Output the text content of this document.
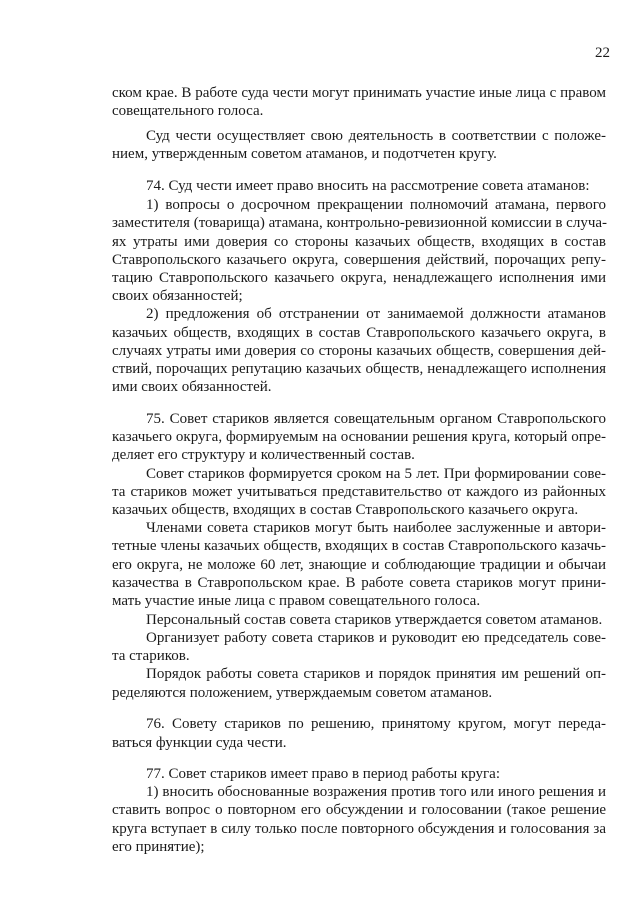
22
ском крае. В работе суда чести могут принимать участие иные лица с правом
совещательного голоса.
Суд чести осуществляет свою деятельность в соответствии с положе-
нием, утвержденным советом атаманов, и подотчетен кругу.
74. Суд чести имеет право вносить на рассмотрение совета атаманов:
1) вопросы о досрочном прекращении полномочий атамана, первого
заместителя (товарища) атамана, контрольно-ревизионной комиссии в случа-
ях утраты ими доверия со стороны казачьих обществ, входящих в состав
Ставропольского казачьего округа, совершения действий, порочащих репу-
тацию Ставропольского казачьего округа, ненадлежащего исполнения ими
своих обязанностей;
2) предложения об отстранении от занимаемой должности атаманов
казачьих обществ, входящих в состав Ставропольского казачьего округа, в
случаях утраты ими доверия со стороны казачьих обществ, совершения дей-
ствий, порочащих репутацию казачьих обществ, ненадлежащего исполнения
ими своих обязанностей.
75. Совет стариков является совещательным органом Ставропольского
казачьего округа, формируемым на основании решения круга, который опре-
деляет его структуру и количественный состав.
Совет стариков формируется сроком на 5 лет. При формировании сове-
та стариков может учитываться представительство от каждого из районных
казачьих обществ, входящих в состав Ставропольского казачьего округа.
Членами совета стариков могут быть наиболее заслуженные и автори-
тетные члены казачьих обществ, входящих в состав Ставропольского казачь-
его округа, не моложе 60 лет, знающие и соблюдающие традиции и обычаи
казачества в Ставропольском крае. В работе совета стариков могут прини-
мать участие иные лица с правом совещательного голоса.
Персональный состав совета стариков утверждается советом атаманов.
Организует работу совета стариков и руководит ею председатель сове-
та стариков.
Порядок работы совета стариков и порядок принятия им решений оп-
ределяются положением, утверждаемым советом атаманов.
76. Совету стариков по решению, принятому кругом, могут переда-
ваться функции суда чести.
77. Совет стариков имеет право в период работы круга:
1) вносить обоснованные возражения против того или иного решения и
ставить вопрос о повторном его обсуждении и голосовании (такое решение
круга вступает в силу только после повторного обсуждения и голосования за
его принятие);
